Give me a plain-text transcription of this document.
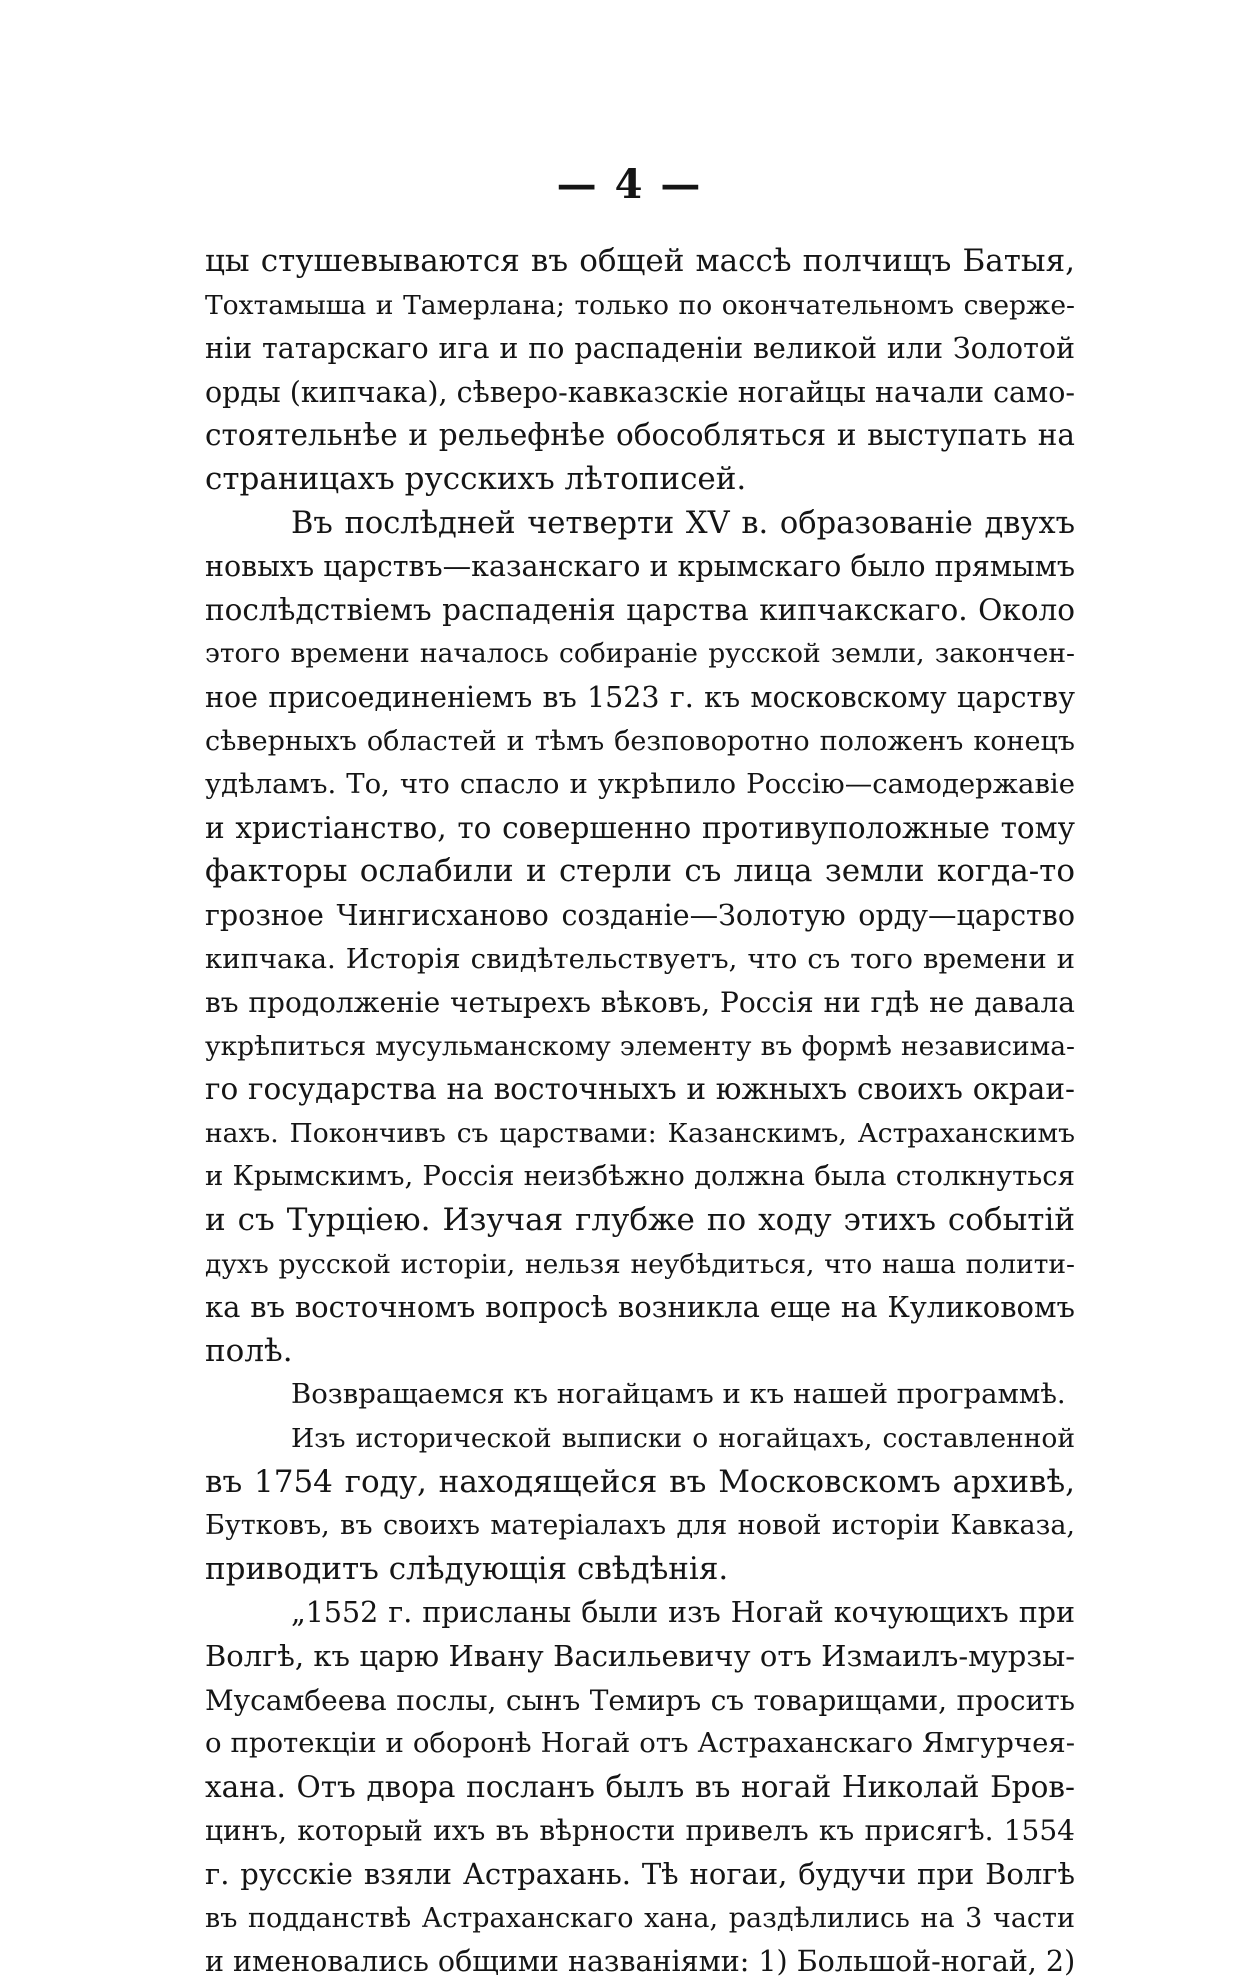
— 4 —
цы стушевываются въ общей массѣ полчищъ Батыя,
Тохтамыша и Тамерлана; только по окончательномъ сверже-
нiи татарскаго ига и по распаденiи великой или Золотой
орды (кипчака), сѣверо-кавказскiе ногайцы начали само-
стоятельнѣе и рельефнѣе обособляться и выступать на
страницахъ русскихъ лѣтописей.
Въ послѣдней четверти XV в. образованiе двухъ
новыхъ царствъ—казанскаго и крымскаго было прямымъ
послѣдствiемъ распаденiя царства кипчакскаго. Около
этого времени началось собиранiе русской земли, закончен-
ное присоединенiемъ въ 1523 г. къ московскому царству
сѣверныхъ областей и тѣмъ безповоротно положенъ конецъ
удѣламъ. То, что спасло и укрѣпило Россiю—самодержавiе
и христiанство, то совершенно противуположные тому
факторы ослабили и стерли съ лица земли когда-то
грозное Чингисханово созданiе—Золотую орду—царство
кипчака. Исторiя свидѣтельствуетъ, что съ того времени и
въ продолженiе четырехъ вѣковъ, Россiя ни гдѣ не давала
укрѣпиться мусульманскому элементу въ формѣ независима-
го государства на восточныхъ и южныхъ своихъ окраи-
нахъ. Покончивъ съ царствами: Казанскимъ, Астраханскимъ
и Крымскимъ, Россiя неизбѣжно должна была столкнуться
и съ Турцiею. Изучая глубже по ходу этихъ событiй
духъ русской исторiи, нельзя неубѣдиться, что наша полити-
ка въ восточномъ вопросѣ возникла еще на Куликовомъ
полѣ.
Возвращаемся къ ногайцамъ и къ нашей программѣ.
Изъ исторической выписки о ногайцахъ, составленной
въ 1754 году, находящейся въ Московскомъ архивѣ,
Бутковъ, въ своихъ матерiалахъ для новой исторiи Кавказа,
приводитъ слѣдующiя свѣдѣнiя.
„1552 г. присланы были изъ Ногай кочующихъ при
Волгѣ, къ царю Ивану Васильевичу отъ Измаилъ-мурзы-
Мусамбеева послы, сынъ Темиръ съ товарищами, просить
о протекцiи и оборонѣ Ногай отъ Астраханскаго Ямгурчея-
хана. Отъ двора посланъ былъ въ ногай Николай Бров-
цинъ, который ихъ въ вѣрности привелъ къ присягѣ. 1554
г. русскiе взяли Астрахань. Тѣ ногаи, будучи при Волгѣ
въ подданствѣ Астраханскаго хана, раздѣлились на 3 части
и именовались общими названiями: 1) Большой-ногай, 2)
